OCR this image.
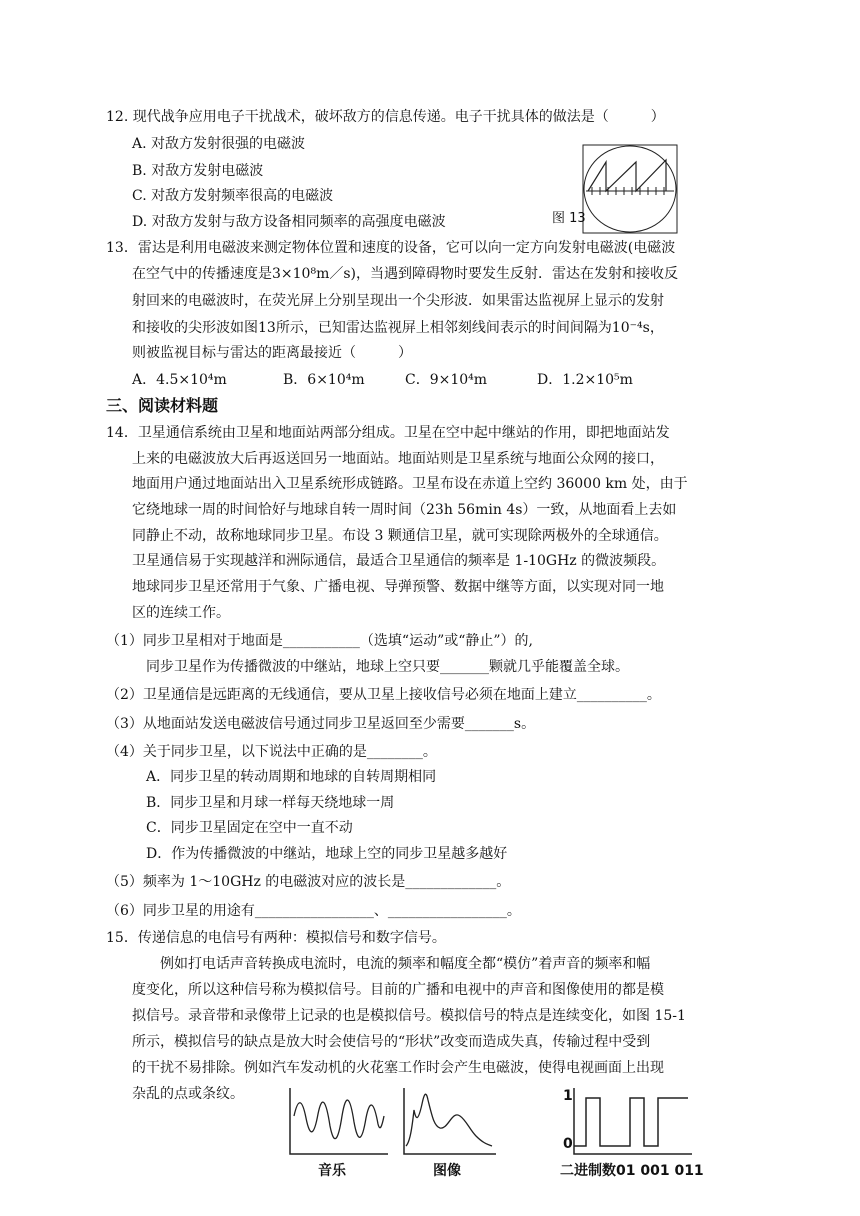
12. 现代战争应用电子干扰战术，破坏敌方的信息传递。电子干扰具体的做法是（　　　）
A. 对敌方发射很强的电磁波
B. 对敌方发射电磁波
C. 对敌方发射频率很高的电磁波
D. 对敌方发射与敌方设备相同频率的高强度电磁波	图 13
13．雷达是利用电磁波来测定物体位置和速度的设备，它可以向一定方向发射电磁波(电磁波
在空气中的传播速度是3×10⁸m／s)，当遇到障碍物时要发生反射．雷达在发射和接收反
射回来的电磁波时，在荧光屏上分别呈现出一个尖形波．如果雷达监视屏上显示的发射
和接收的尖形波如图13所示，已知雷达监视屏上相邻刻线间表示的时间间隔为10⁻⁴s，
则被监视目标与雷达的距离最接近（　　　）
A．4.5×10⁴m	B．6×10⁴m	C．9×10⁴m	D．1.2×10⁵m
三、阅读材料题
14．卫星通信系统由卫星和地面站两部分组成。卫星在空中起中继站的作用，即把地面站发
上来的电磁波放大后再返送回另一地面站。地面站则是卫星系统与地面公众网的接口，
地面用户通过地面站出入卫星系统形成链路。卫星布设在赤道上空约 36000 km 处，由于
它绕地球一周的时间恰好与地球自转一周时间（23h 56min 4s）一致，从地面看上去如
同静止不动，故称地球同步卫星。布设 3 颗通信卫星，就可实现除两极外的全球通信。
卫星通信易于实现越洋和洲际通信，最适合卫星通信的频率是 1-10GHz 的微波频段。
地球同步卫星还常用于气象、广播电视、导弹预警、数据中继等方面，以实现对同一地
区的连续工作。
（1）同步卫星相对于地面是___________（选填“运动”或“静止”）的,
同步卫星作为传播微波的中继站，地球上空只要_______颗就几乎能覆盖全球。
（2）卫星通信是远距离的无线通信，要从卫星上接收信号必须在地面上建立__________。
（3）从地面站发送电磁波信号通过同步卫星返回至少需要_______s。
（4）关于同步卫星，以下说法中正确的是________。
A．同步卫星的转动周期和地球的自转周期相同
B．同步卫星和月球一样每天绕地球一周
C．同步卫星固定在空中一直不动
D．作为传播微波的中继站，地球上空的同步卫星越多越好
（5）频率为 1～10GHz 的电磁波对应的波长是_____________。
（6）同步卫星的用途有_________________、_________________。
15．传递信息的电信号有两种：模拟信号和数字信号。
例如打电话声音转换成电流时，电流的频率和幅度全都“模仿”着声音的频率和幅
度变化，所以这种信号称为模拟信号。目前的广播和电视中的声音和图像使用的都是模
拟信号。录音带和录像带上记录的也是模拟信号。模拟信号的特点是连续变化，如图 15-1
所示，模拟信号的缺点是放大时会使信号的“形状”改变而造成失真，传输过程中受到
的干扰不易排除。例如汽车发动机的火花塞工作时会产生电磁波，使得电视画面上出现
杂乱的点或条纹。
音乐	图像
1
0
二进制数01 001 011
